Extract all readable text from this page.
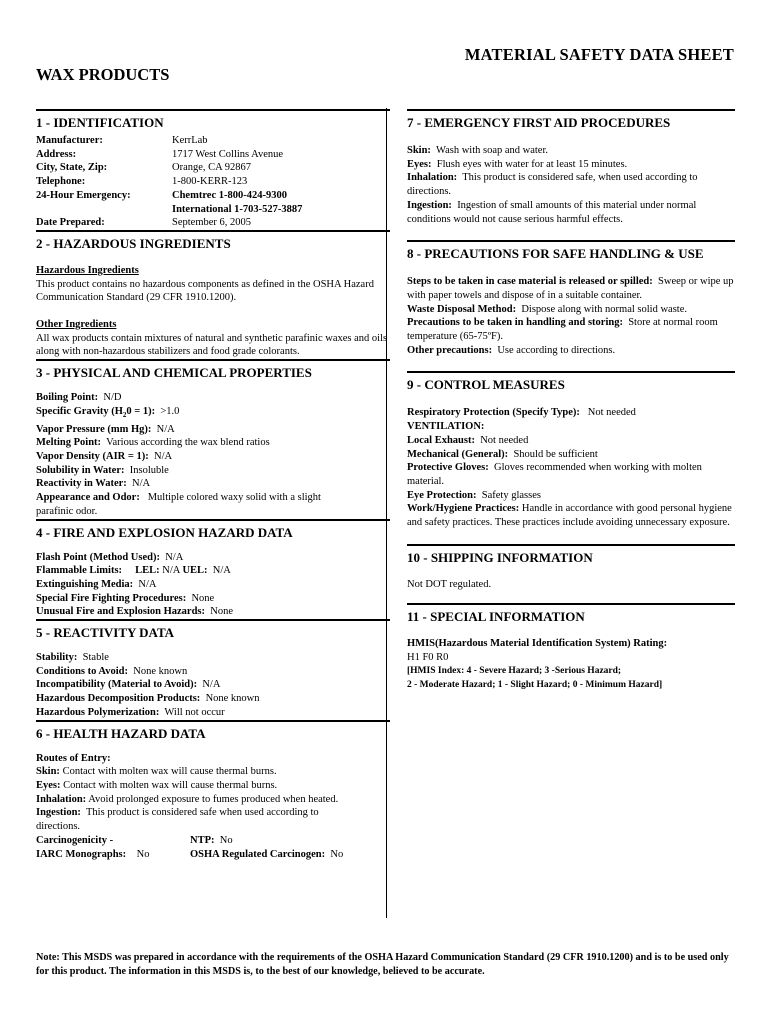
MATERIAL SAFETY DATA SHEET
WAX PRODUCTS
1 - IDENTIFICATION
Manufacturer:	KerrLab
Address:	1717 West Collins Avenue
City, State, Zip:	Orange, CA 92867
Telephone:	1-800-KERR-123
24-Hour Emergency:	Chemtrec 1-800-424-9300
International 1-703-527-3887
Date Prepared:	September 6, 2005
2 - HAZARDOUS INGREDIENTS
Hazardous Ingredients

This product contains no hazardous components as defined in the OSHA Hazard Communication Standard (29 CFR 1910.1200).

Other Ingredients

All wax products contain mixtures of natural and synthetic parafinic waxes and oils along with non-hazardous stabilizers and food grade colorants.

3 - PHYSICAL AND CHEMICAL PROPERTIES

Boiling Point: N/D

Specific Gravity $(H_20 = 1)$: >1.0

Vapor Pressure (mm Hg): N/A

Melting Point: Various according the wax blend ratios

Vapor Density (AIR = 1): N/A

Solubility in Water: Insoluble

Reactivity in Water: N/A

Appearance and Odor: Multiple colored waxy solid with a slight parafinic odor.

4 - FIRE AND EXPLOSION HAZARD DATA

Flash Point (Method Used): N/A

Flammable Limits: LEL: N/A UEL: N/A

Extinguishing Media: N/A

Special Fire Fighting Procedures: None

Unusual Fire and Explosion Hazards: None

5 - REACTIVITY DATA

Stability: Stable

Conditions to Avoid: None known

Incompatibility (Material to Avoid): N/A

Hazardous Decomposition Products: None known

Hazardous Polymerization: Will not occur

6 - HEALTH HAZARD DATA

Routes of Entry:

Skin: Contact with molten wax will cause thermal burns.

Eyes: Contact with molten wax will cause thermal burns.

Inhalation: Avoid prolonged exposure to fumes produced when heated.

Ingestion: This product is considered safe when used according to directions.

Carcinogenicity -	NTP: No
IARC Monographs: No	OSHA Regulated Carcinogen: No
7 - EMERGENCY FIRST AID PROCEDURES

Skin: Wash with soap and water.

Eyes: Flush eyes with water for at least 15 minutes.

Inhalation: This product is considered safe, when used according to directions.

Ingestion: Ingestion of small amounts of this material under normal conditions would not cause serious harmful effects.

8 - PRECAUTIONS FOR SAFE HANDLING & USE

Steps to be taken in case material is released or spilled: Sweep or wipe up with paper towels and dispose of in a suitable container.

Waste Disposal Method: Dispose along with normal solid waste.

Precautions to be taken in handling and storing: Store at normal room temperature (65-75ºF).

Other precautions: Use according to directions.

9 - CONTROL MEASURES

Respiratory Protection (Specify Type): Not needed

VENTILATION:

Local Exhaust: Not needed

Mechanical (General): Should be sufficient

Protective Gloves: Gloves recommended when working with molten material.

Eye Protection: Safety glasses

Work/Hygiene Practices: Handle in accordance with good personal hygiene and safety practices. These practices include avoiding unnecessary exposure.

10 - SHIPPING INFORMATION

Not DOT regulated.

11 - SPECIAL INFORMATION

HMIS(Hazardous Material Identification System) Rating:

H1 F0 R0

[HMIS Index: 4 - Severe Hazard; 3 -Serious Hazard;

2 - Moderate Hazard; 1 - Slight Hazard; 0 - Minimum Hazard]

Note: This MSDS was prepared in accordance with the requirements of the OSHA Hazard Communication Standard (29 CFR 1910.1200) and is to be used only for this product. The information in this MSDS is, to the best of our knowledge, believed to be accurate.
